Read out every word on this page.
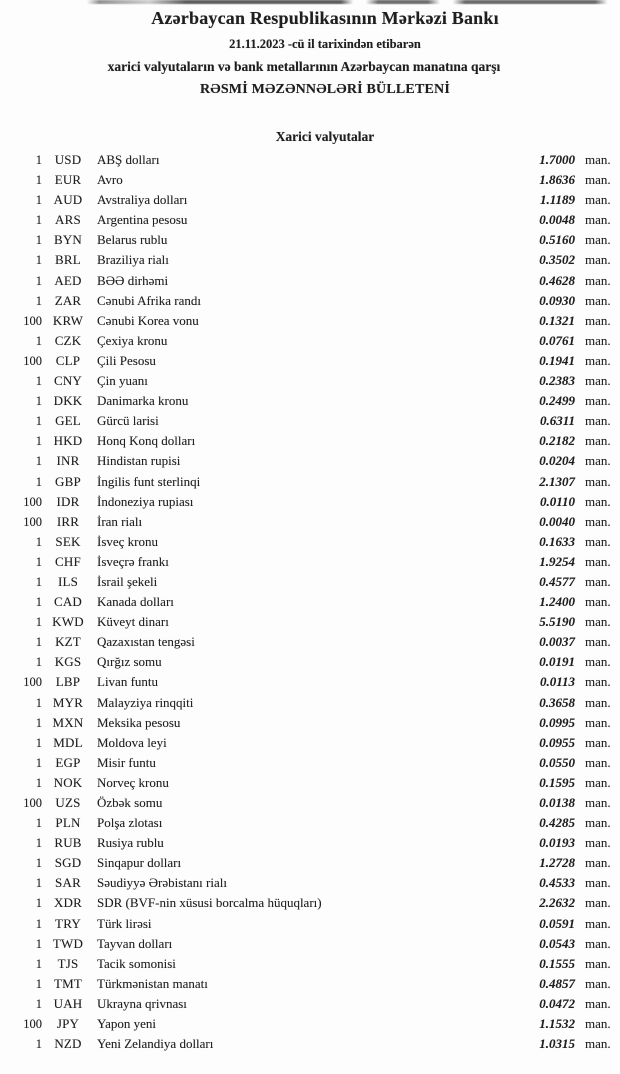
Azərbaycan Respublikasının Mərkəzi Bankı
21.11.2023 -cü il tarixindən etibarən
xarici valyutaların və bank metallarının Azərbaycan manatına qarşı
RƏSMİ MƏZƏNNƏLƏRİ BÜLLETENİ
Xarici valyutalar
1 USD	ABŞ dolları	1.7000 man.
1 EUR	Avro	1.8636 man.
1 AUD	Avstraliya dolları	1.1189 man.
1	ARS	Argentina pesosu	0.0048 man.
1 BYN	Belarus rublu	0.5160 man.
1	BRL	Braziliya rialı	0.3502 man.
1 AED	BƏƏ dirhəmi	0.4628 man.
1 ZAR	Cənubi Afrika randı	0.0930 man.
100 KRW	Cənubi Korea vonu	0.1321 man.
1 CZK	Çexiya kronu	0.0761 man.
100	CLP	Çili Pesosu	0.1941 man.
1 CNY	Çin yuanı	0.2383 man.
1 DKK	Danimarka kronu	0.2499 man.
1	GEL	Gürcü larisi	0.6311 man.
1 HKD	Honq Konq dolları	0.2182 man.
1	INR	Hindistan rupisi	0.0204 man.
1	GBP	İngilis funt sterlinqi	2.1307 man.
100	IDR	İndoneziya rupiası	0.0110 man.
100	IRR	İran rialı	0.0040 man.
1	SEK	İsveç kronu	0.1633 man.
1	CHF	İsveçrə frankı	1.9254 man.
1	ILS	İsrail şekeli	0.4577 man.
1 CAD	Kanada dolları	1.2400 man.
1 KWD	Küveyt dinarı	5.5190 man.
1	KZT	Qazaxıstan tengəsi	0.0037 man.
1 KGS	Qırğız somu	0.0191 man.
100	LBP	Livan funtu	0.0113 man.
1 MYR	Malayziya rinqqiti	0.3658 man.
1 MXN	Meksika pesosu	0.0995 man.
1 MDL	Moldova leyi	0.0955 man.
1	EGP	Misir funtu	0.0550 man.
1 NOK	Norveç kronu	0.1595 man.
100	UZS	Özbək somu	0.0138 man.
1	PLN	Polşa zlotası	0.4285 man.
1 RUB	Rusiya rublu	0.0193 man.
1 SGD	Sinqapur dolları	1.2728 man.
1	SAR	Səudiyyə Ərəbistanı rialı	0.4533 man.
1 XDR	SDR (BVF-nin xüsusi borcalma hüquqları)	2.2632 man.
1	TRY	Türk lirəsi	0.0591 man.
1 TWD	Tayvan dolları	0.0543 man.
1	TJS	Tacik somonisi	0.1555 man.
1 TMT	Türkmənistan manatı	0.4857 man.
1 UAH	Ukrayna qrivnası	0.0472 man.
100	JPY	Yapon yeni	1.1532 man.
1 NZD	Yeni Zelandiya dolları	1.0315 man.
